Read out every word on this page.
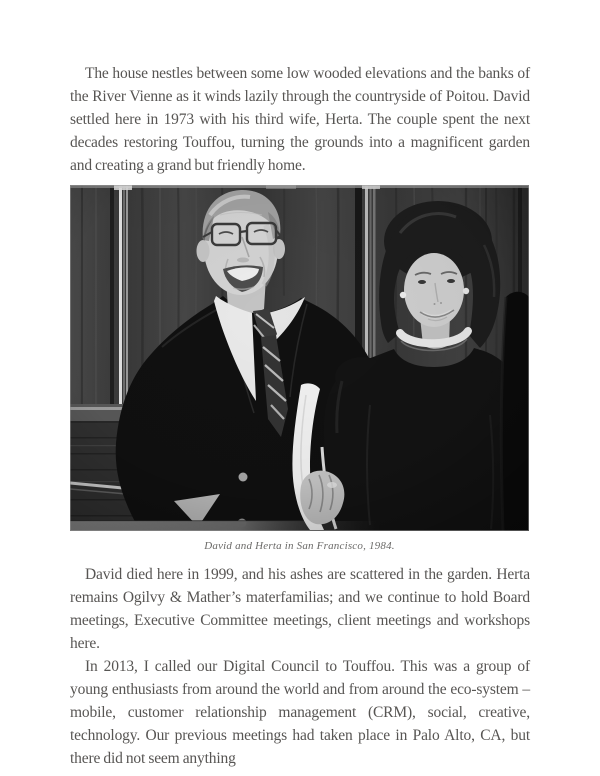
The house nestles between some low wooded elevations and the banks of the River Vienne as it winds lazily through the countryside of Poitou. David settled here in 1973 with his third wife, Herta. The couple spent the next decades restoring Touffou, turning the grounds into a magnificent garden and creating a grand but friendly home.

David and Herta in San Francisco, 1984.

David died here in 1999, and his ashes are scattered in the garden. Herta remains Ogilvy & Mather’s materfamilias; and we continue to hold Board meetings, Executive Committee meetings, client meetings and workshops here.

In 2013, I called our Digital Council to Touffou. This was a group of young enthusiasts from around the world and from around the eco-system – mobile, customer relationship management (CRM), social, creative, technology. Our previous meetings had taken place in Palo Alto, CA, but there did not seem anything
